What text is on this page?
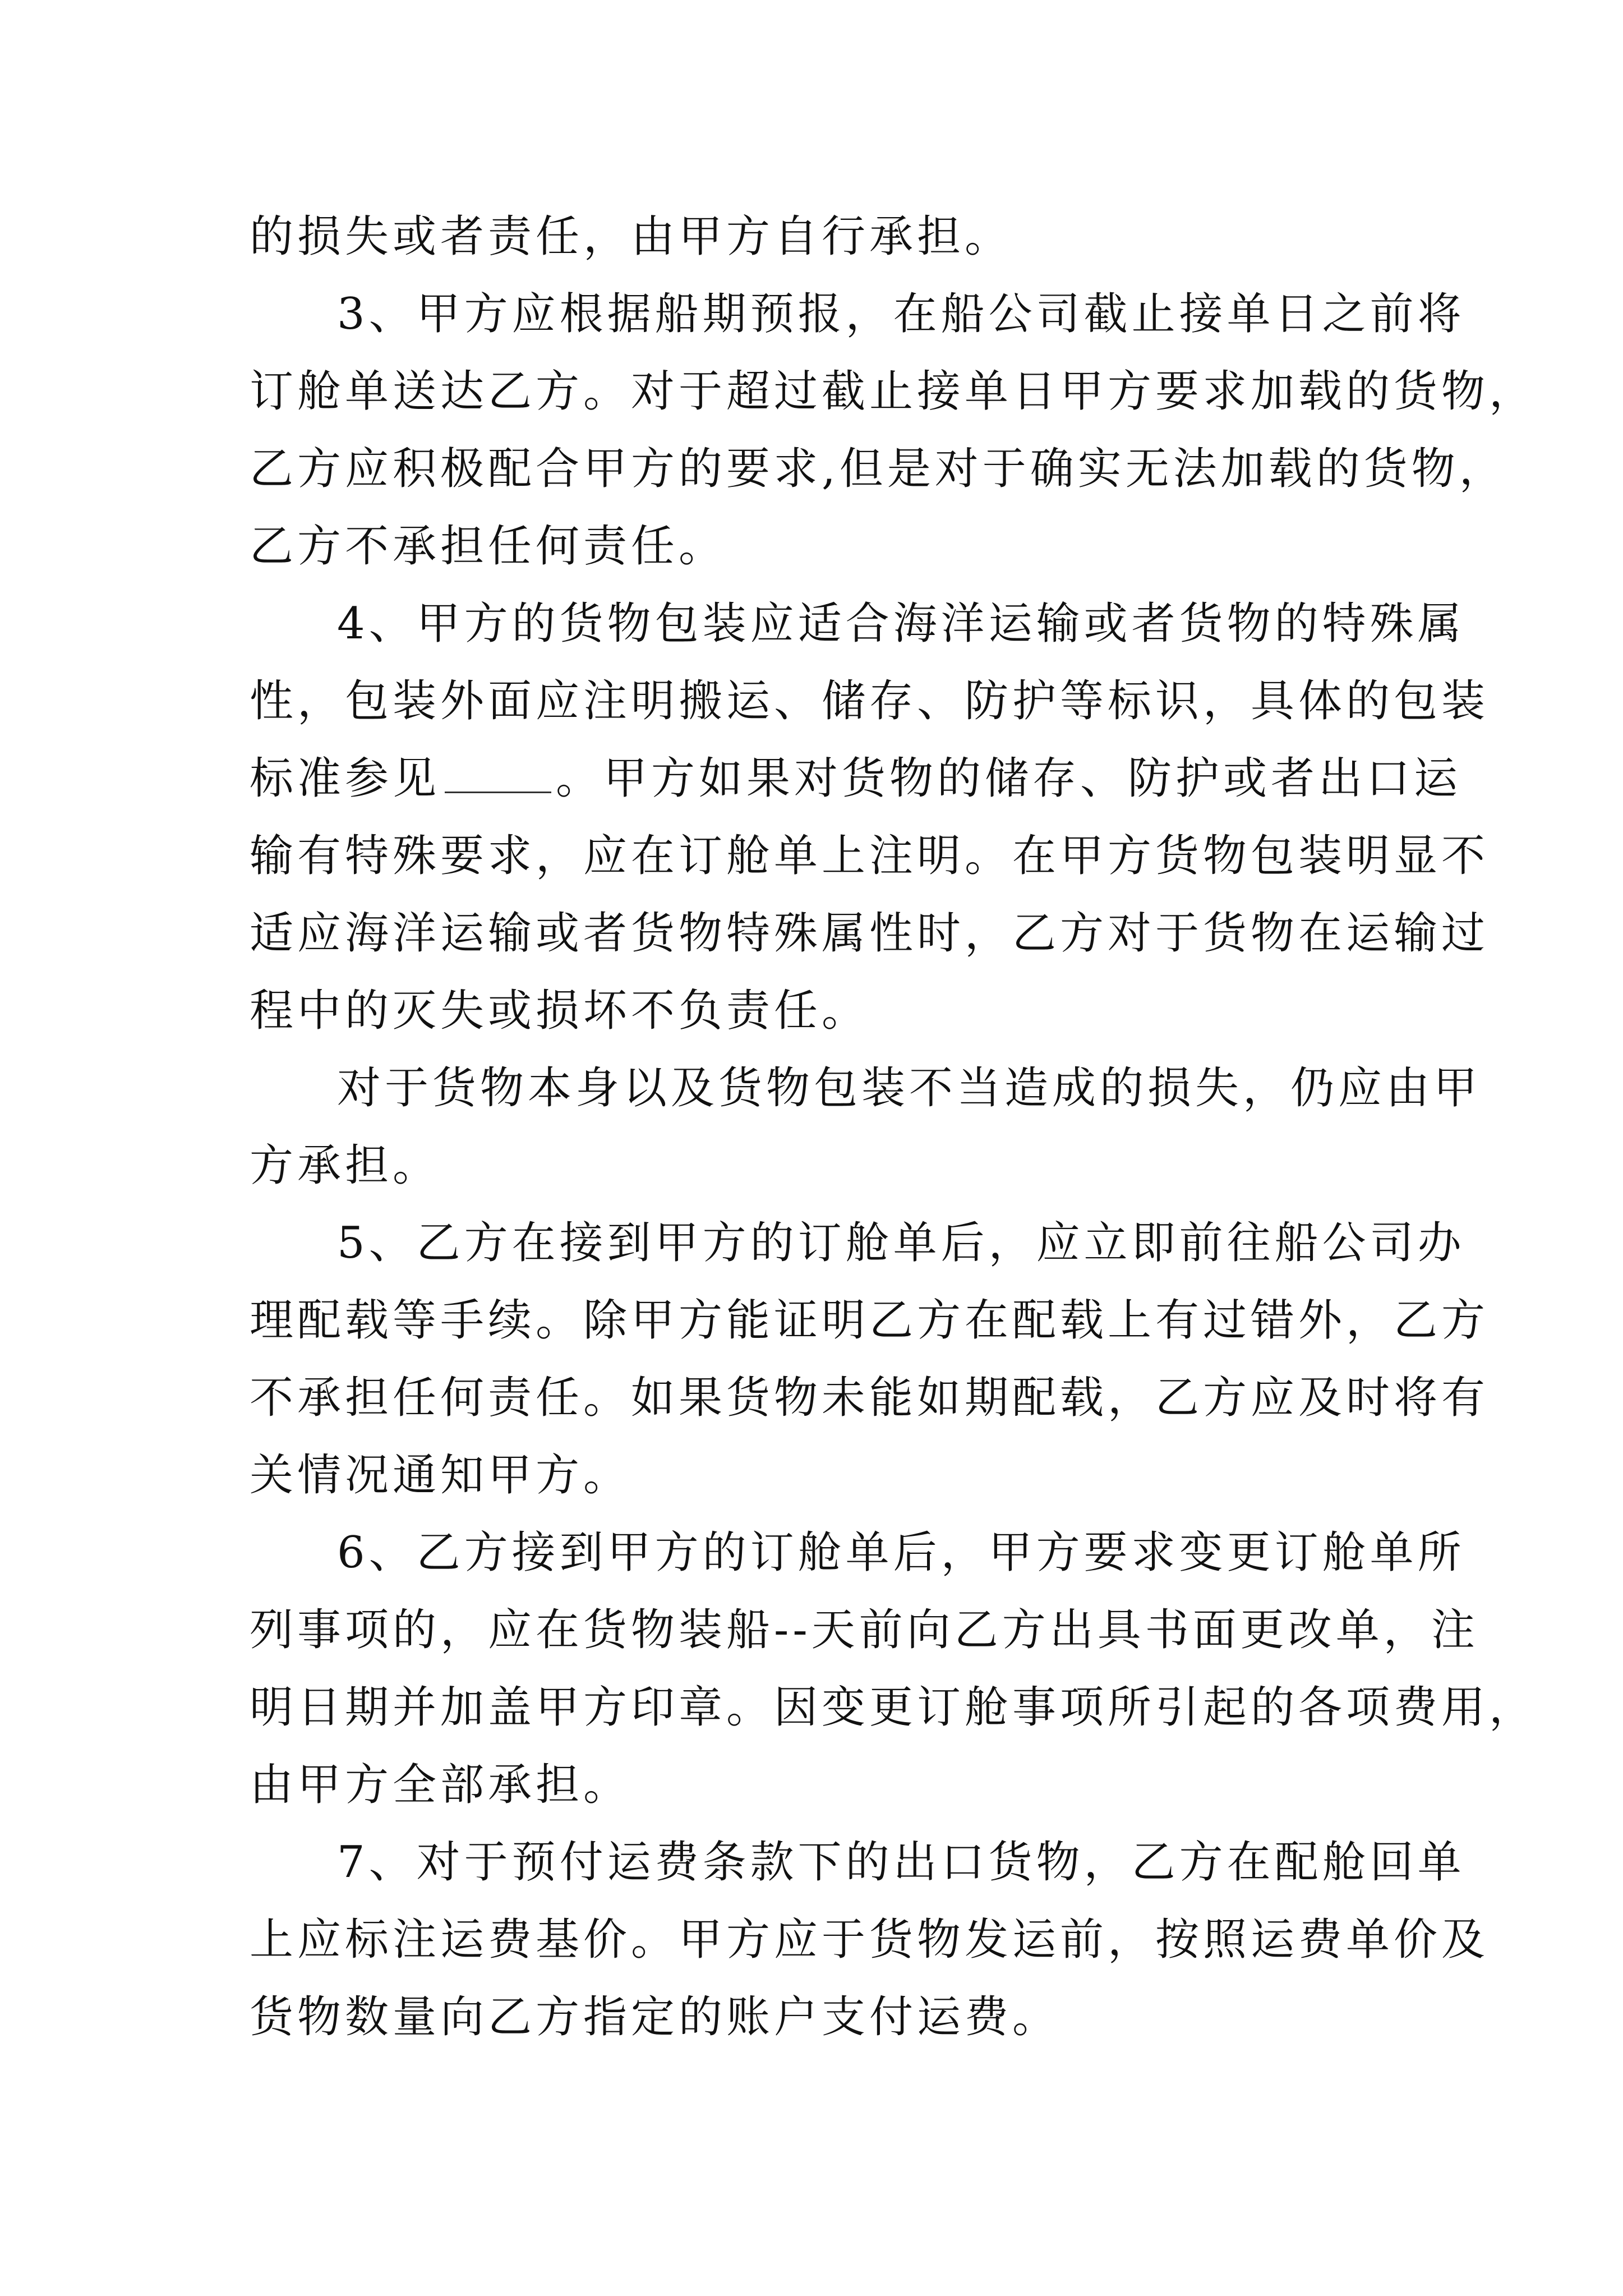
的损失或者责任，由甲方自行承担。
3、甲方应根据船期预报，在船公司截止接单日之前将
订舱单送达乙方。对于超过截止接单日甲方要求加载的货物，
乙方应积极配合甲方的要求,但是对于确实无法加载的货物，
乙方不承担任何责任。
4、甲方的货物包装应适合海洋运输或者货物的特殊属
性，包装外面应注明搬运、储存、防护等标识，具体的包装
标准参见	。甲方如果对货物的储存、防护或者出口运
输有特殊要求，应在订舱单上注明。在甲方货物包装明显不
适应海洋运输或者货物特殊属性时，乙方对于货物在运输过
程中的灭失或损坏不负责任。
对于货物本身以及货物包装不当造成的损失，仍应由甲
方承担。
5、乙方在接到甲方的订舱单后，应立即前往船公司办
理配载等手续。除甲方能证明乙方在配载上有过错外，乙方
不承担任何责任。如果货物未能如期配载，乙方应及时将有
关情况通知甲方。
6、乙方接到甲方的订舱单后，甲方要求变更订舱单所
列事项的，应在货物装船--天前向乙方出具书面更改单，注
明日期并加盖甲方印章。因变更订舱事项所引起的各项费用，
由甲方全部承担。
7、对于预付运费条款下的出口货物，乙方在配舱回单
上应标注运费基价。甲方应于货物发运前，按照运费单价及
货物数量向乙方指定的账户支付运费。
